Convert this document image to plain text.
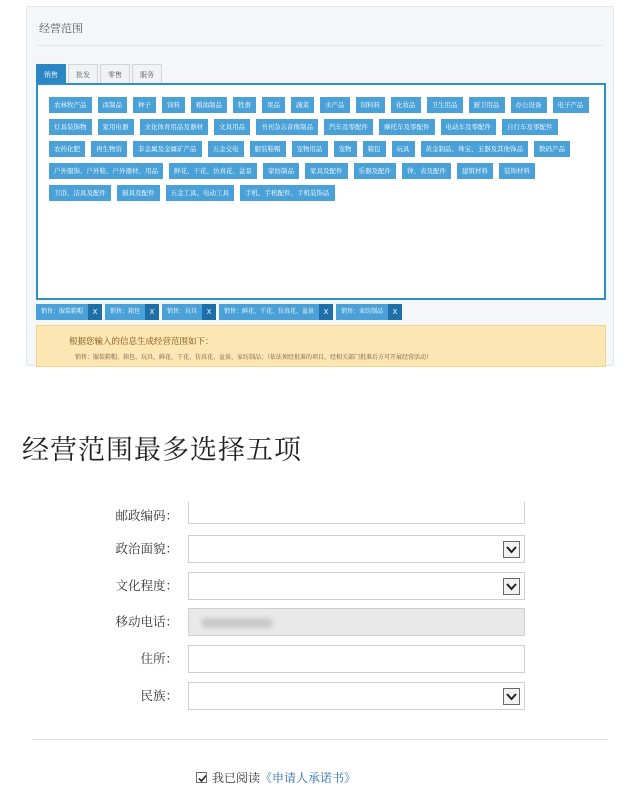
经营范围
销售	批发	零售	服务
农林牧产品	卤制品	种子	饲料	粮油制品	牲畜	果品	蔬菜	水产品	饲料料	化妆品	卫生用品	厨卫用品	办公设备	电子产品
灯具装饰物	家用电器	文化体育用品及器材	文具用品	书刊杂志音像制品	汽车及零配件	摩托车及零配件	电动车及零配件	自行车及零配件
农药化肥	再生物资	非金属及金属矿产品	五金交电	服装鞋帽	宠物用品	宠物	箱包	玩具	黄金制品、珠宝、玉器及其他饰品	数码产品
户外服饰、户外鞋、户外器材、用品	鲜花、干花、仿真花、盆景	家纺制品	家具及配件	乐器及配件	钟、表及配件	建筑材料	装饰材料
卫浴、洁具及配件	厨具及配件	五金工具、电动工具	手机、手机配件、手机装饰品
销售：服装鞋帽	X	销售：箱包	X	销售：玩具	X	销售：鲜花、干花、仿真花、盆景	X	销售：家纺制品	X
根据您输入的信息生成经营范围如下：
销售：服装鞋帽、箱包、玩具、鲜花、干花、仿真花、盆景、家纺制品；（依法须经批准的项目，经相关部门批准后方可开展经营活动）
经营范围最多选择五项
邮政编码：
政治面貌：
文化程度：
移动电话：
住所：
民族：
我已阅读 《申请人承诺书》
